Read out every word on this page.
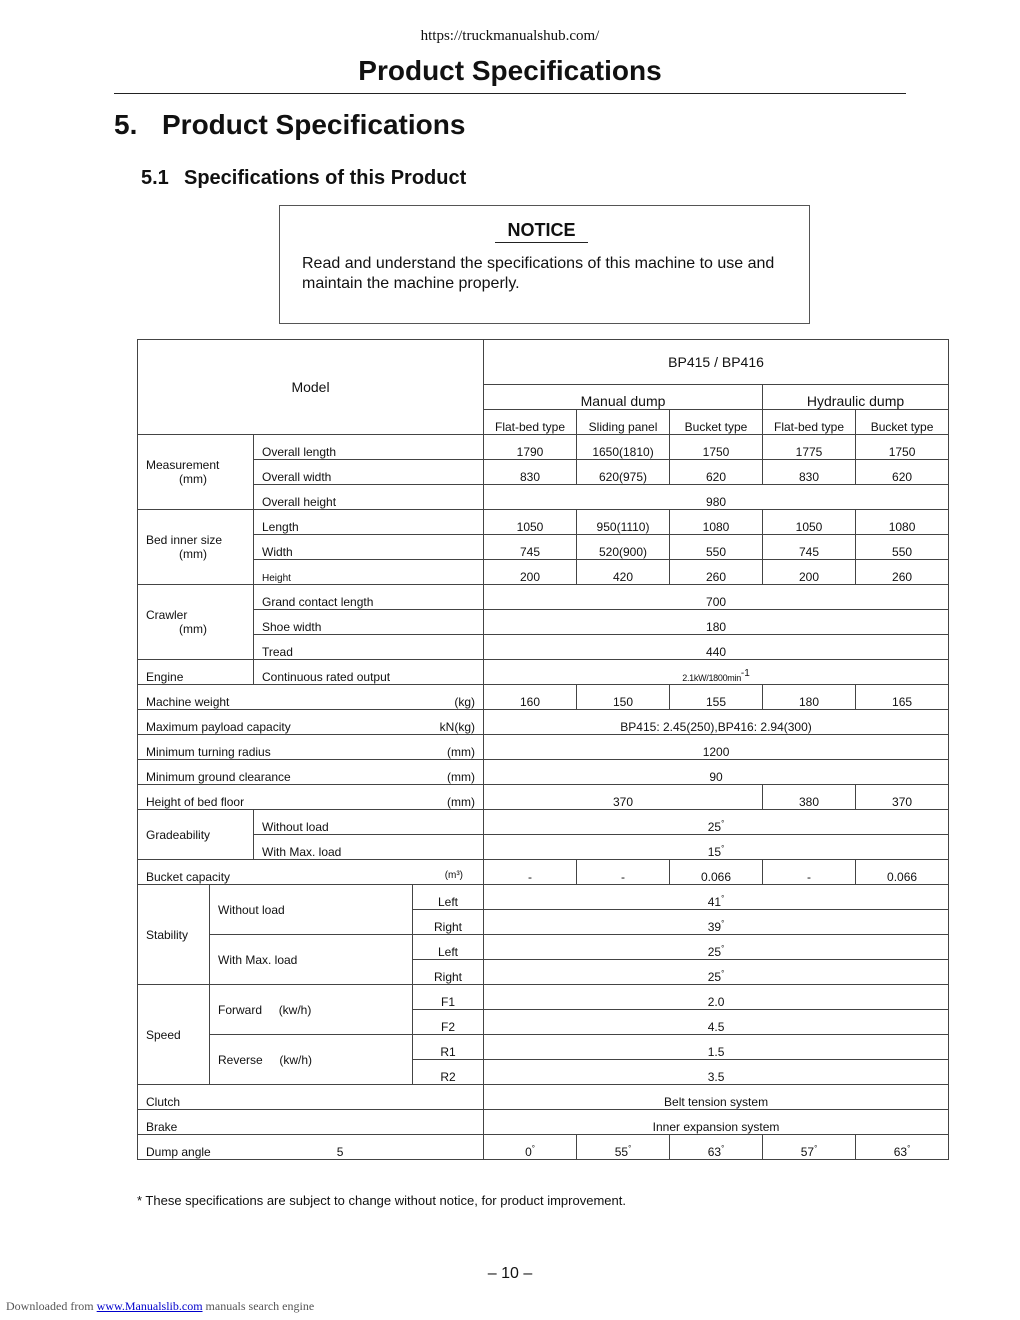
https://truckmanualshub.com/
Product Specifications
5. Product Specifications
5.1 Specifications of this Product
NOTICE
Read and understand the specifications of this machine to use and maintain the machine properly.
Model				BP415 / BP416				
				Manual dump			Hydraulic dump	
				Flat-bed type	Sliding panel	Bucket type	Flat-bed type	Bucket type

Measurement
(mm)		Overall length		1790	1650(1810)	1750	1775	1750
		Overall width		830	620(975)	620	830	620
		Overall height		980				

Bed inner size
(mm)		Length		1050	950(1110)	1080	1050	1080
		Width		745	520(900)	550	745	550
		Height		200	420	260	200	260

Crawler
(mm)		Grand contact length		700				
		Shoe width		180				
		Tread		440				
Engine		Continuous rated output		$2.1kW/1800\min^{-1}$

Machine weight (kg)				160	150	155	180	165

Maximum payload capacity kN(kg)				BP415: 2.45(250),BP416: 2.94(300)				

Minimum turning radius (mm)				1200				

Minimum ground clearance (mm)				90				

Height of bed floor (mm)				370			380	370
Gradeability		Without load		25°
		With Max. load		15°

Bucket capacity (m³)				-	-	0.066	-	0.066
Stability	Without load		Left	41°
			Right	39°
	With Max. load		Left	25°
			Right	25°
Speed	Forward (kw/h)		F1	2.0				
			F2	4.5				
	Reverse (kw/h)		R1	1.5				
			R2	3.5				
Clutch				Belt tension system				
Brake				Inner expansion system				
Dump angle 5				0°	55°	63°	57°	63°
* These specifications are subject to change without notice, for product improvement.
– 10 –
Downloaded from www.Manualslib.com manuals search engine
